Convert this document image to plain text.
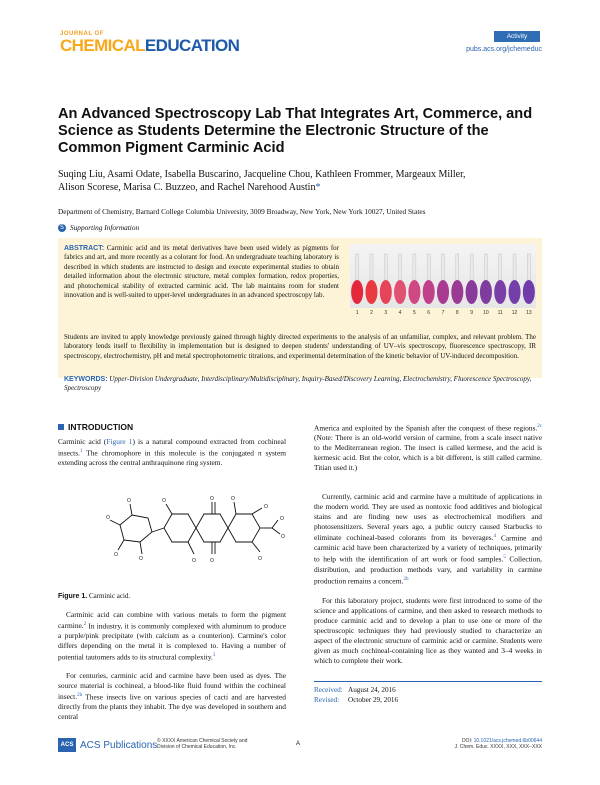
JOURNAL OF
CHEMICALEDUCATION	Activity
pubs.acs.org/jchemeduc
An Advanced Spectroscopy Lab That Integrates Art, Commerce, and Science as Students Determine the Electronic Structure of the Common Pigment Carminic Acid
Suqing Liu, Asami Odate, Isabella Buscarino, Jacqueline Chou, Kathleen Frommer, Margeaux Miller,
Alison Scorese, Marisa C. Buzzeo, and Rachel Narehood Austin*
Department of Chemistry, Barnard College Columbia University, 3009 Broadway, New York, New York 10027, United States
S Supporting Information
ABSTRACT: Carminic acid and its metal derivatives have been used widely as pigments for fabrics and art, and more recently as a colorant for food. An undergraduate teaching laboratory is described in which students are instructed to design and execute experimental studies to obtain detailed information about the electronic structure, metal complex formation, redox properties, and photochemical stability of extracted carminic acid. The lab maintains room for student innovation and is well-suited to upper-level undergraduates in an advanced spectroscopy lab.
1	2	3	4	5	6	7	8	9	10	11	12	13
Students are invited to apply knowledge previously gained through highly directed experiments to the analysis of an unfamiliar, complex, and relevant problem. The laboratory lends itself to flexibility in implementation but is designed to deepen students' understanding of UV–vis spectroscopy, fluorescence spectroscopy, IR spectroscopy, electrochemistry, pH and metal spectrophotometric titrations, and experimental determination of the kinetic behavior of UV-induced decomposition.
KEYWORDS: Upper-Division Undergraduate, Interdisciplinary/Multidisciplinary, Inquiry-Based/Discovery Learning, Electrochemistry, Fluorescence Spectroscopy, Spectroscopy
INTRODUCTION
Carminic acid (Figure 1) is a natural compound extracted from cochineal insects.$^1$ The chromophore in this molecule is the conjugated π system extending across the central anthraquinone ring system.
O
O
O
O
O
O
O
O
O
O
O
O
O
Figure 1. Carminic acid.
Carminic acid can combine with various metals to form the pigment carmine.$^2$ In industry, it is commonly complexed with aluminum to produce a purple/pink precipitate (with calcium as a counterion). Carmine's color differs depending on the metal it is complexed to. Having a number of potential tautomers adds to its structural complexity.$^3$
For centuries, carminic acid and carmine have been used as dyes. The source material is cochineal, a blood-like fluid found within the cochineal insect.$^{2b}$ These insects live on various species of cacti and are harvested directly from the plants they inhabit. The dye was developed in southern and central
America and exploited by the Spanish after the conquest of these regions.$^{2c}$ (Note: There is an old-world version of carmine, from a scale insect native to the Mediterranean region. The insect is called kermese, and the acid is kermesic acid. But the color, which is a bit different, is still called carmine. Titian used it.)
Currently, carminic acid and carmine have a multitude of applications in the modern world. They are used as nontoxic food additives and biological stains and are finding new uses as electrochemical modifiers and photosensitizers. Several years ago, a public outcry caused Starbucks to eliminate cochineal-based colorants from its beverages.$^4$ Carmine and carminic acid have been characterized by a variety of techniques, primarily to help with the identification of art work or food samples.$^5$ Collection, distribution, and production methods vary, and variability in carmine production remains a concern.$^{2b}$
For this laboratory project, students were first introduced to some of the science and applications of carmine, and then asked to research methods to produce carminic acid and to develop a plan to use one or more of the spectroscopic techniques they had previously studied to characterize an aspect of the electronic structure of carminic acid or carmine. Students were given as much cochineal-containing lice as they wanted and 3–4 weeks in which to complete their work.
Received: August 24, 2016
Revised: October 29, 2016
ACS ACS Publications © XXXX American Chemical Society and
Division of Chemical Education, Inc.	A	DOI: 10.1021/acs.jchemed.6b00644
J. Chem. Educ. XXXX, XXX, XXX−XXX
